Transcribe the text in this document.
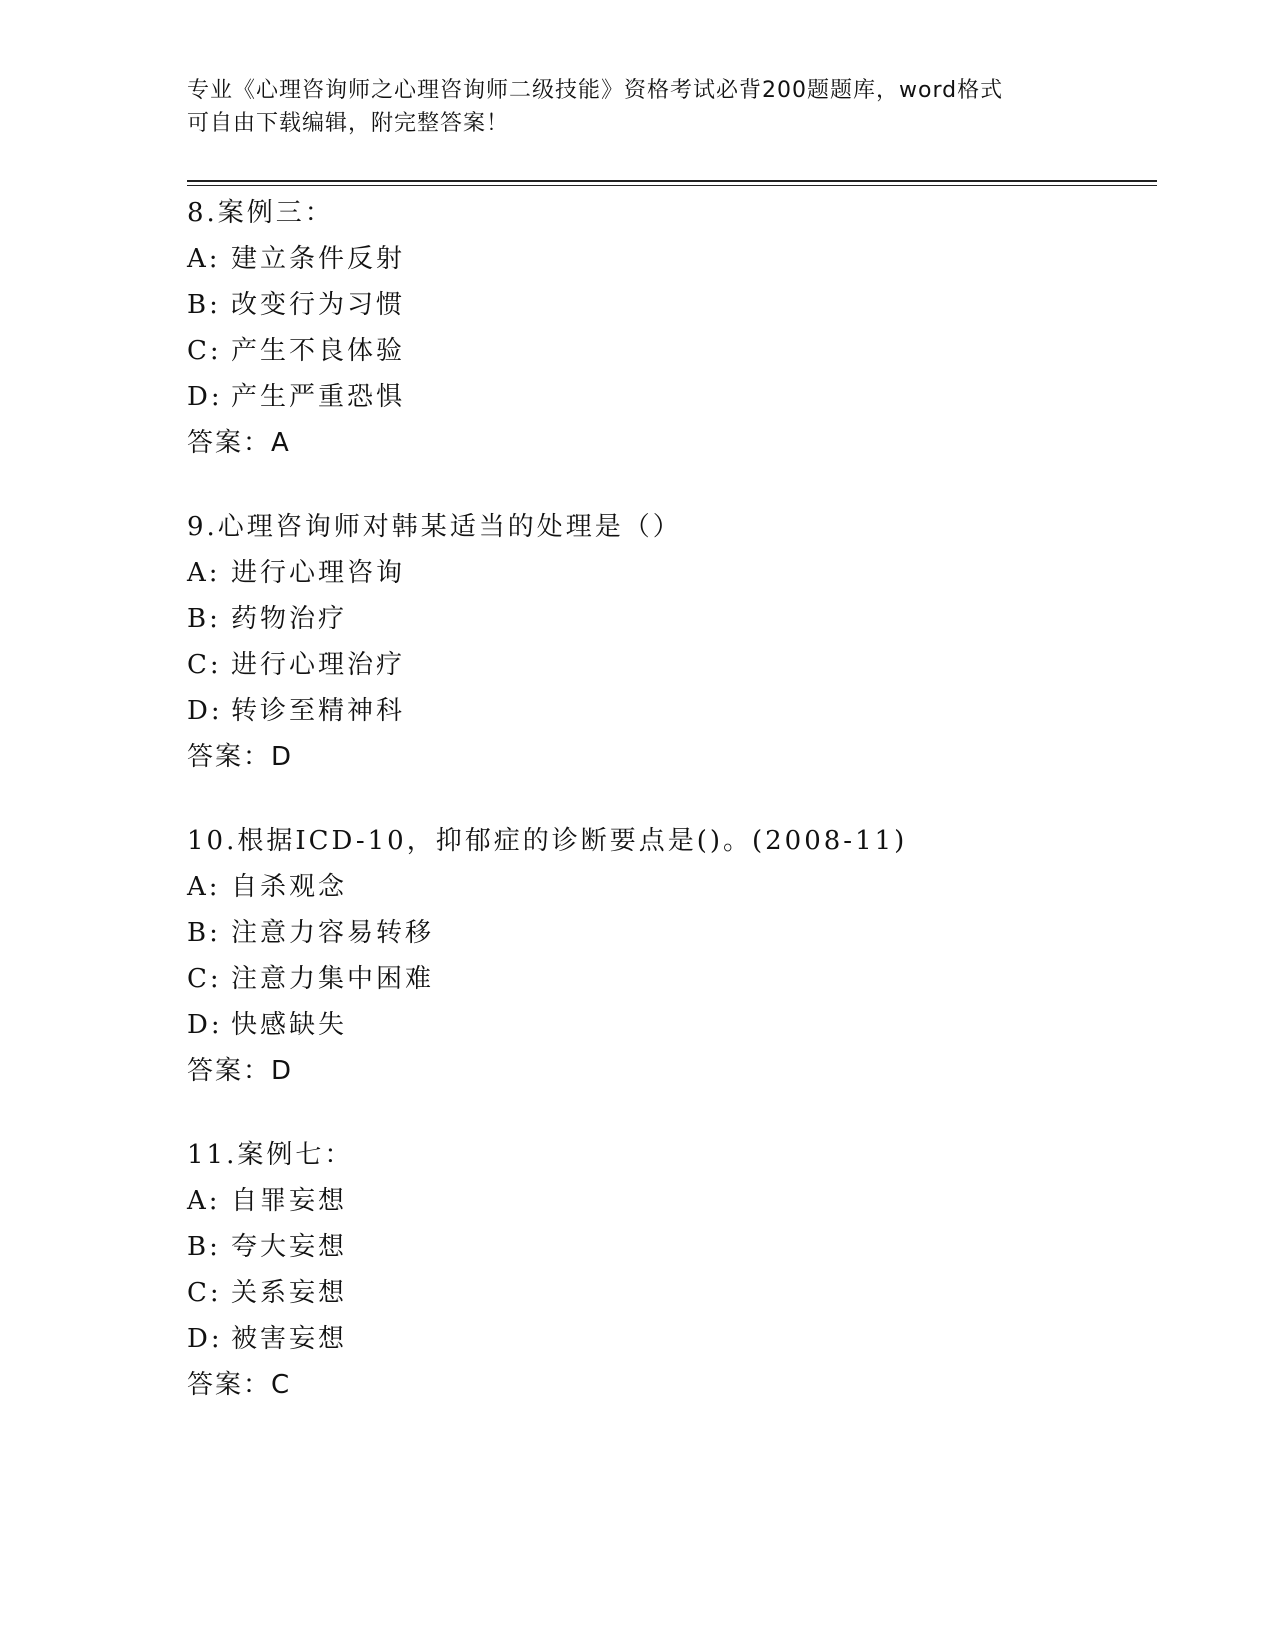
专业《心理咨询师之心理咨询师二级技能》资格考试必背200题题库，word格式
可自由下载编辑，附完整答案！
8.案例三：
A: 建立条件反射
B: 改变行为习惯
C: 产生不良体验
D: 产生严重恐惧
答案：A
9.心理咨询师对韩某适当的处理是（）
A: 进行心理咨询
B: 药物治疗
C: 进行心理治疗
D: 转诊至精神科
答案：D
10.根据ICD-10，抑郁症的诊断要点是()。(2008-11)
A: 自杀观念
B: 注意力容易转移
C: 注意力集中困难
D: 快感缺失
答案：D
11.案例七：
A: 自罪妄想
B: 夸大妄想
C: 关系妄想
D: 被害妄想
答案：C
